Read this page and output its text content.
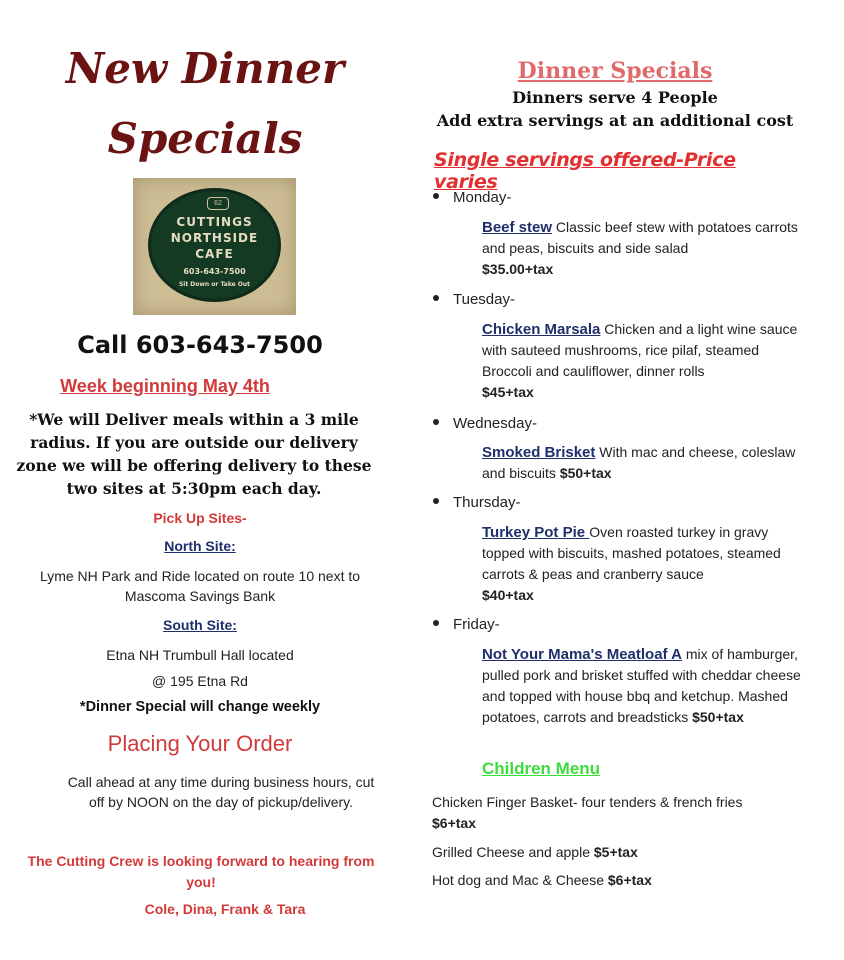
New Dinner
Specials
62
CUTTINGS
NORTHSIDE
CAFE
603-643-7500
Sit Down or Take Out
Call 603-643-7500
Week beginning May 4th
*We will Deliver meals within a 3 mile radius. If you are outside our delivery zone we will be offering delivery to these two sites at 5:30pm each day.
Pick Up Sites-
North Site:
Lyme NH Park and Ride located on route 10 next to Mascoma Savings Bank
South Site:
Etna NH Trumbull Hall located
@ 195 Etna Rd
*Dinner Special will change weekly
Placing Your Order
Call ahead at any time during business hours, cut off by NOON on the day of pickup/delivery.
The Cutting Crew is looking forward to hearing from you!
Cole, Dina, Frank & Tara
Dinner Specials
Dinners serve 4 People
Add extra servings at an additional cost
Single servings offered-Price varies
Monday-
Beef stew Classic beef stew with potatoes carrots and peas, biscuits and side salad
$35.00+tax
Tuesday-
Chicken Marsala Chicken and a light wine sauce with sauteed mushrooms, rice pilaf, steamed Broccoli and cauliflower, dinner rolls
$45+tax
Wednesday-
Smoked Brisket With mac and cheese, coleslaw and biscuits $50+tax
Thursday-
Turkey Pot Pie Oven roasted turkey in gravy topped with biscuits, mashed potatoes, steamed carrots & peas and cranberry sauce
$40+tax
Friday-
Not Your Mama's Meatloaf A mix of hamburger, pulled pork and brisket stuffed with cheddar cheese and topped with house bbq and ketchup. Mashed potatoes, carrots and breadsticks $50+tax
Children Menu
Chicken Finger Basket- four tenders & french fries
$6+tax
Grilled Cheese and apple $5+tax
Hot dog and Mac & Cheese $6+tax
